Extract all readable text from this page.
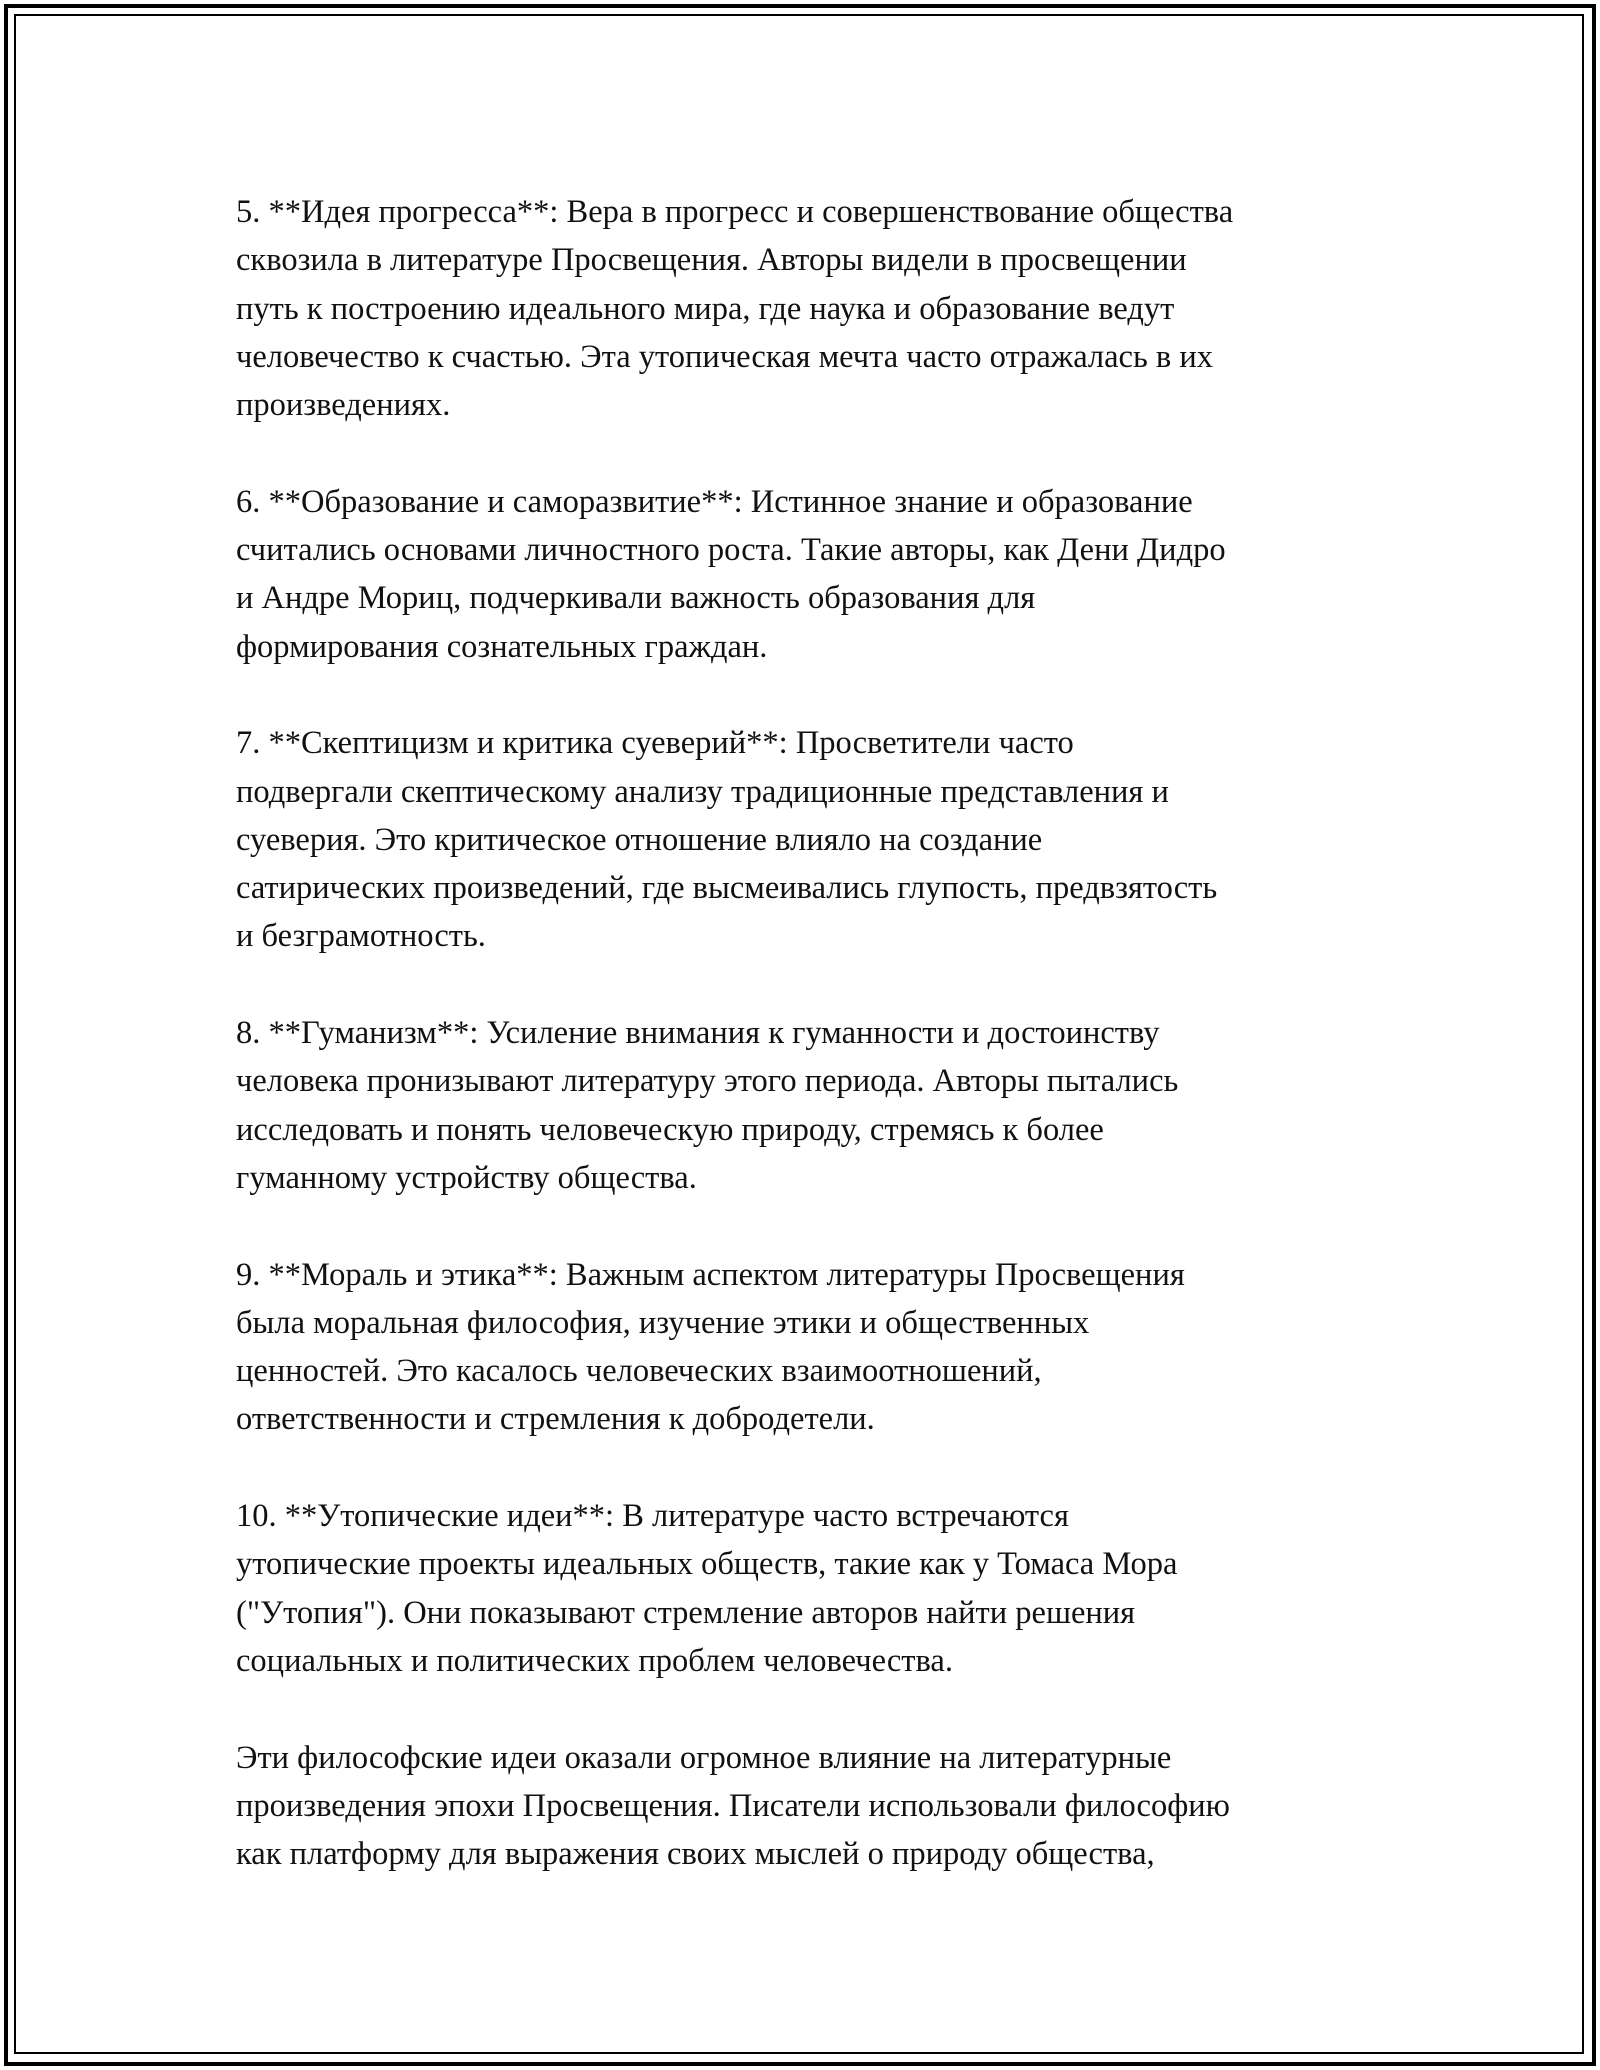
5. **Идея прогресса**: Вера в прогресс и совершенствование общества
сквозила в литературе Просвещения. Авторы видели в просвещении
путь к построению идеального мира, где наука и образование ведут
человечество к счастью. Эта утопическая мечта часто отражалась в их
произведениях.

6. **Образование и саморазвитие**: Истинное знание и образование
считались основами личностного роста. Такие авторы, как Дени Дидро
и Андре Мориц, подчеркивали важность образования для
формирования сознательных граждан.

7. **Скептицизм и критика суеверий**: Просветители часто
подвергали скептическому анализу традиционные представления и
суеверия. Это критическое отношение влияло на создание
сатирических произведений, где высмеивались глупость, предвзятость
и безграмотность.

8. **Гуманизм**: Усиление внимания к гуманности и достоинству
человека пронизывают литературу этого периода. Авторы пытались
исследовать и понять человеческую природу, стремясь к более
гуманному устройству общества.

9. **Мораль и этика**: Важным аспектом литературы Просвещения
была моральная философия, изучение этики и общественных
ценностей. Это касалось человеческих взаимоотношений,
ответственности и стремления к добродетели.

10. **Утопические идеи**: В литературе часто встречаются
утопические проекты идеальных обществ, такие как у Томаса Мора
("Утопия"). Они показывают стремление авторов найти решения
социальных и политических проблем человечества.

Эти философские идеи оказали огромное влияние на литературные
произведения эпохи Просвещения. Писатели использовали философию
как платформу для выражения своих мыслей о природу общества,
